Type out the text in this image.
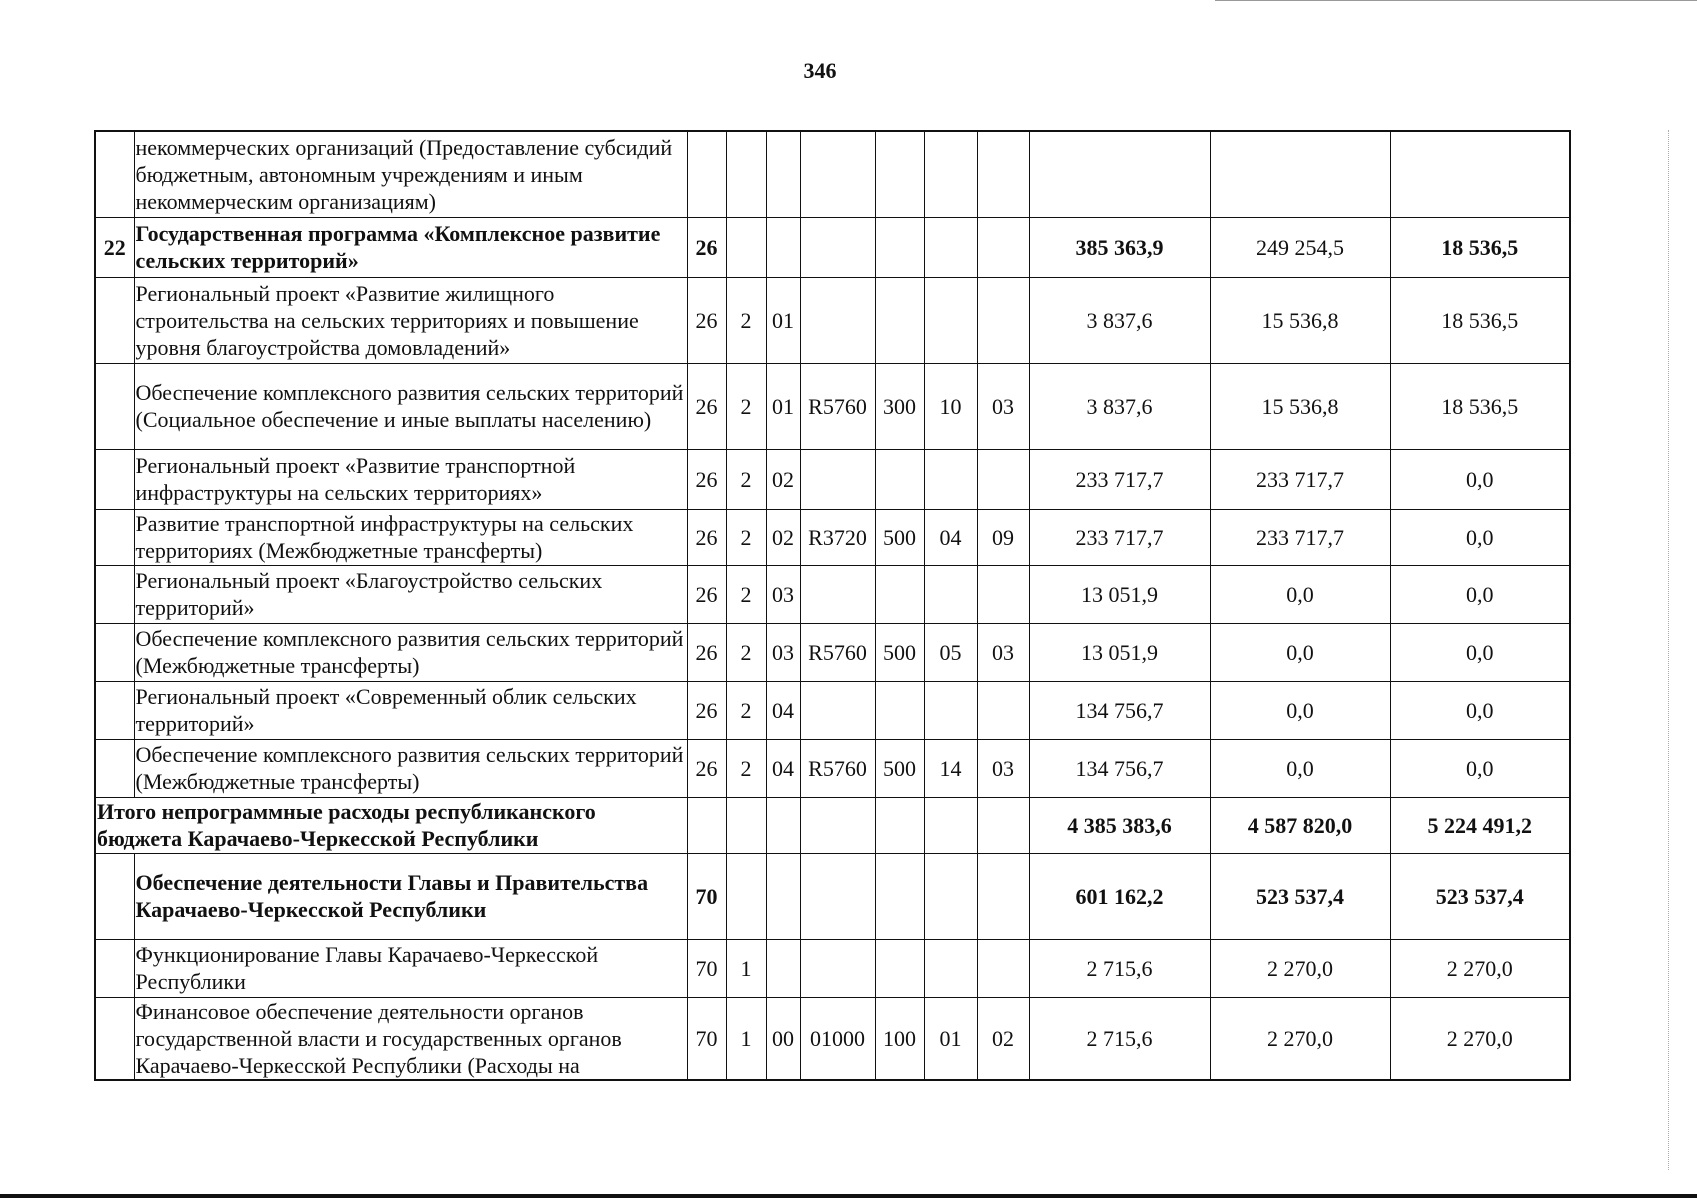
346
	некоммерческих организаций (Предоставление субсидий бюджетным, автономным учреждениям и иным некоммерческим организациям)										
22	Государственная программа «Комплексное развитие сельских территорий»	26							385 363,9	249 254,5	18 536,5
	Региональный проект «Развитие жилищного строительства на сельских территориях и повышение уровня благоустройства домовладений»	26	2	01					3 837,6	15 536,8	18 536,5
	Обеспечение комплексного развития сельских территорий (Социальное обеспечение и иные выплаты населению)	26	2	01	R5760	300	10	03	3 837,6	15 536,8	18 536,5
	Региональный проект «Развитие транспортной инфраструктуры на сельских территориях»	26	2	02					233 717,7	233 717,7	0,0
	Развитие транспортной инфраструктуры на сельских территориях (Межбюджетные трансферты)	26	2	02	R3720	500	04	09	233 717,7	233 717,7	0,0
	Региональный проект «Благоустройство сельских территорий»	26	2	03					13 051,9	0,0	0,0
	Обеспечение комплексного развития сельских территорий (Межбюджетные трансферты)	26	2	03	R5760	500	05	03	13 051,9	0,0	0,0
	Региональный проект «Современный облик сельских территорий»	26	2	04					134 756,7	0,0	0,0
	Обеспечение комплексного развития сельских территорий (Межбюджетные трансферты)	26	2	04	R5760	500	14	03	134 756,7	0,0	0,0
Итого непрограммные расходы республиканского бюджета Карачаево-Черкесской Республики									4 385 383,6	4 587 820,0	5 224 491,2
	Обеспечение деятельности Главы и Правительства Карачаево-Черкесской Республики	70							601 162,2	523 537,4	523 537,4
	Функционирование Главы Карачаево-Черкесской Республики	70	1						2 715,6	2 270,0	2 270,0
	Финансовое обеспечение деятельности органов государственной власти и государственных органов Карачаево-Черкесской Республики (Расходы на	70	1	00	01000	100	01	02	2 715,6	2 270,0	2 270,0
